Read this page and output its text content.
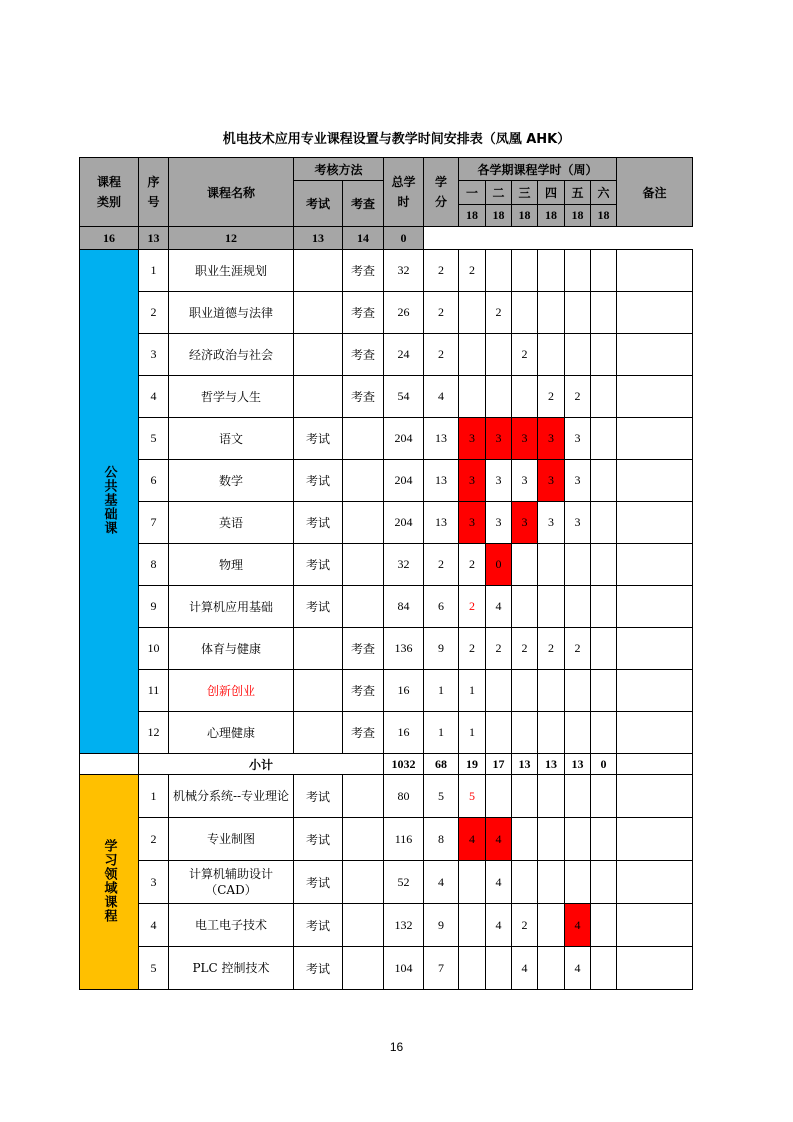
机电技术应用专业课程设置与教学时间安排表（凤凰 AHK）
课程类别	序号	课程名称	考核方法		总学时	学分	各学期课程学时（周）						备注
			考试	考查			一	二	三	四	五	六	
							18	18	18	18	18	18	
16	13	12	13	14	0								
公共基础课	1	职业生涯规划		考查	32	2	2						
	2	职业道德与法律		考查	26	2		2					
	3	经济政治与社会		考查	24	2			2				
	4	哲学与人生		考查	54	4				2	2		
	5	语文	考试		204	13	3	3	3	3	3		
	6	数学	考试		204	13	3	3	3	3	3		
	7	英语	考试		204	13	3	3	3	3	3		
	8	物理	考试		32	2	2	0					
	9	计算机应用基础	考试		84	6	2	4					
	10	体育与健康		考查	136	9	2	2	2	2	2		
	11	创新创业		考查	16	1	1						
	12	心理健康		考查	16	1	1						
	小计				1032	68	19	17	13	13	13	0	
学习领域课程	1	机械分系统--专业理论	考试		80	5	5						
	2	专业制图	考试		116	8	4	4					
	3	计算机辅助设计（CAD）	考试		52	4		4					
	4	电工电子技术	考试		132	9		4	2		4		
	5	PLC 控制技术	考试		104	7			4		4		
16
